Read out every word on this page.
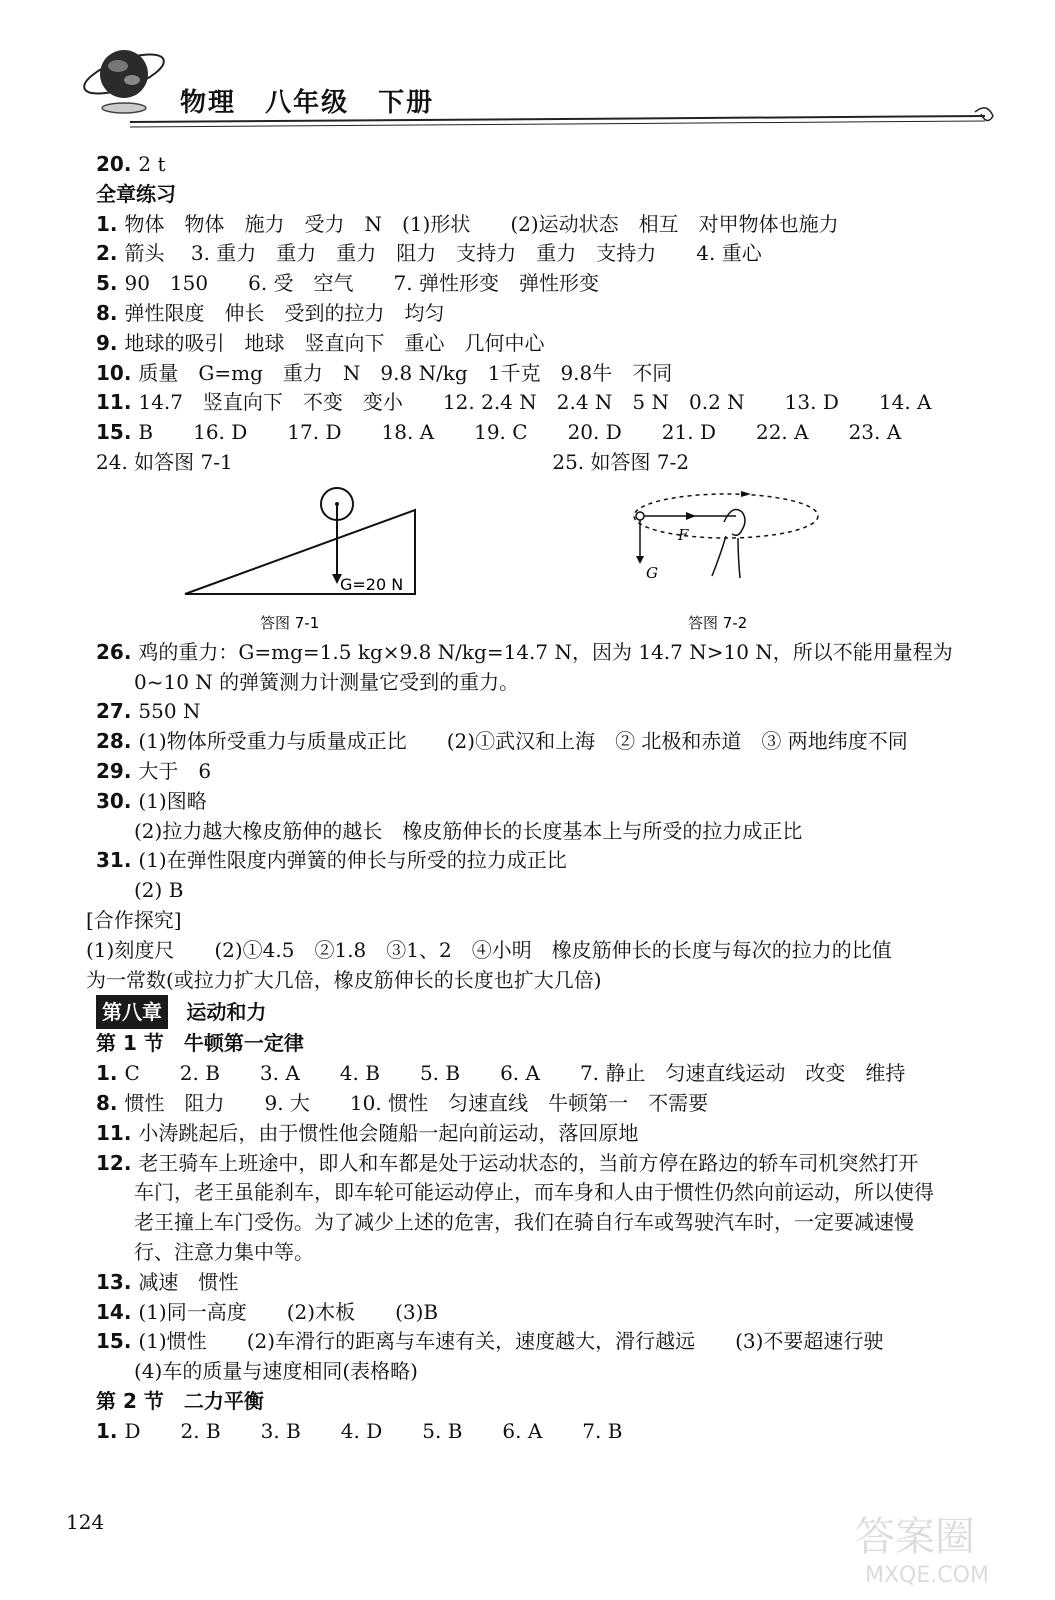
物理 八年级 下册
20. 2 t
全章练习
1. 物体　物体　施力　受力　N　(1)形状　　(2)运动状态　相互　对甲物体也施力
2. 箭头　 3. 重力　重力　重力　阻力　支持力　重力　支持力　　4. 重心
5. 90　150　　6. 受　空气　　7. 弹性形变　弹性形变
8. 弹性限度　伸长　受到的拉力　均匀
9. 地球的吸引　地球　竖直向下　重心　几何中心
10. 质量　G=mg　重力　N　9.8 N/kg　1千克　9.8牛　不同
11. 14.7　竖直向下　不变　变小　　12. 2.4 N　2.4 N　5 N　0.2 N　　13. D　　14. A
15. B　　16. D　　17. D　　18. A　　19. C　　20. D　　21. D　　22. A　　23. A
24. 如答图 7-1	25. 如答图 7-2
G=20 N
答图 7-1
F
G
答图 7-2
26. 鸡的重力：G=mg=1.5 kg×9.8 N/kg=14.7 N，因为 14.7 N>10 N，所以不能用量程为
0~10 N 的弹簧测力计测量它受到的重力。
27. 550 N
28. (1)物体所受重力与质量成正比　　(2)①武汉和上海　② 北极和赤道　③ 两地纬度不同
29. 大于　6
30. (1)图略
(2)拉力越大橡皮筋伸的越长　橡皮筋伸长的长度基本上与所受的拉力成正比
31. (1)在弹性限度内弹簧的伸长与所受的拉力成正比
(2) B
[合作探究]
(1)刻度尺　　(2)①4.5　②1.8　③1、2　④小明　橡皮筋伸长的长度与每次的拉力的比值
为一常数(或拉力扩大几倍，橡皮筋伸长的长度也扩大几倍)
第八章 运动和力
第 1 节　牛顿第一定律
1. C　　2. B　　3. A　　4. B　　5. B　　6. A　　7. 静止　匀速直线运动　改变　维持
8. 惯性　阻力　　9. 大　　10. 惯性　匀速直线　牛顿第一　不需要
11. 小涛跳起后，由于惯性他会随船一起向前运动，落回原地
12. 老王骑车上班途中，即人和车都是处于运动状态的，当前方停在路边的轿车司机突然打开
车门，老王虽能刹车，即车轮可能运动停止，而车身和人由于惯性仍然向前运动，所以使得
老王撞上车门受伤。为了减少上述的危害，我们在骑自行车或驾驶汽车时，一定要减速慢
行、注意力集中等。
13. 减速　惯性
14. (1)同一高度　　(2)木板　　(3)B
15. (1)惯性　　(2)车滑行的距离与车速有关，速度越大，滑行越远　　(3)不要超速行驶
(4)车的质量与速度相同(表格略)
第 2 节　二力平衡
1. D　　2. B　　3. B　　4. D　　5. B　　6. A　　7. B
124	答案圈
MXQE.COM
